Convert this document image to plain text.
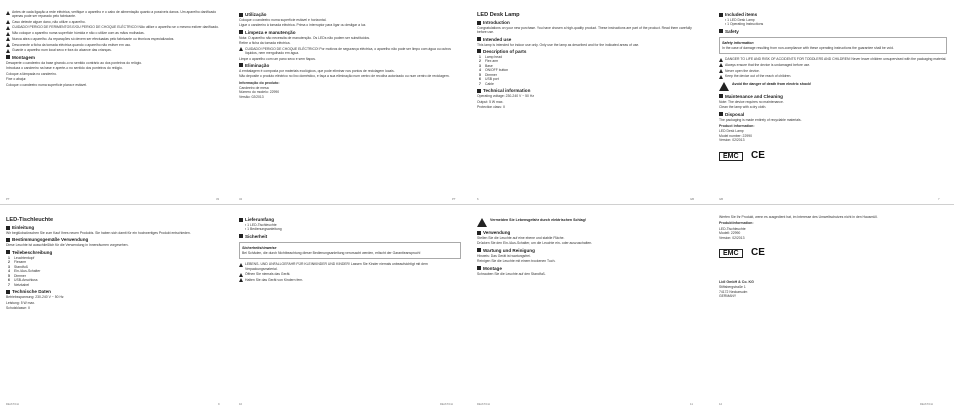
Antes de cada ligação a rede eléctrica, verifique o aparelho e o cabo de alimentação quanto a possíveis danos. Um aparelho danificado apenas pode ser reparado pelo fabricante.
Caso detecte algum dano, não utilize o aparelho.
CUIDADO! PERIGO DE FERIMENTOS E/OU PERIGO DE CHOQUE ELÉCTRICO! Não utilize o aparelho se o mesmo estiver danificado.
Não coloque o aparelho numa superfície húmida e não o utilize com as mãos molhadas.
Nunca abra o aparelho. As reparações só devem ser efectuadas pelo fabricante ou técnicos especializados.
Desconecte a ficha da tomada eléctrica quando o aparelho não estiver em uso.
Guarde o aparelho num local seco e fora do alcance das crianças.
Montagem
Desaperte o candeeiro da base girando-o no sentido contrário ao dos ponteiros do relógio.
Introduza o candeeiro na base e aperte-o no sentido dos ponteiros do relógio.
Coloque a lâmpada no candeeiro.
Fixe o abajur.
Coloque o candeeiro numa superfície plana e estável.
PT	33
Utilização
Coloque o candeeiro numa superfície estável e horizontal.
Ligue o candeeiro à tomada eléctrica. Prima o interruptor para ligar ou desligar a luz.
Limpeza e manutenção
Nota: O aparelho não necessita de manutenção. Os LEDs não podem ser substituídos.
Retire a ficha da tomada eléctrica.
CUIDADO! PERIGO DE CHOQUE ELÉCTRICO! Por motivos de segurança eléctrica, o aparelho não pode ser limpo com água ou outros líquidos, nem mergulhado em água.
Limpe o aparelho com um pano seco e sem fiapos.
Eliminação
A embalagem é composta por materiais ecológicos, que pode eliminar nos pontos de reciclagem locais.
Não deposite o produto eléctrico no lixo doméstico, e faça a sua eliminação num centro de recolha autorizado ou num centro de reciclagem.
Informação do produto:
Candeeiro de mesa
Número do modelo: 22990
Versão: 02/2013
34	PT
LED Desk Lamp
Introduction
Congratulations on your new purchase. You have chosen a high-quality product. These instructions are part of the product. Read them carefully before use.
Intended use
This lamp is intended for indoor use only. Only use the lamp as described and for the indicated areas of use.
Description of parts
1 Lamp head
2 Flex arm
3 Base
4 ON/OFF button
5 Dimmer
6 USB port
7 Cable
Technical information
Operating voltage: 230-240 V ~ 50 Hz
Output: 5 W max.
Protection class: II
6	GB
Included items
▪ 1 LED Desk Lamp
▪ 1 Operating Instructions
Safety
Safety information
In the case of damage resulting from non-compliance with these operating instructions the guarantee shall be void.
DANGER TO LIFE AND RISK OF ACCIDENTS FOR TODDLERS AND CHILDREN! Never leave children unsupervised with the packaging material.
Always ensure that the device is undamaged before use.
Never open the device.
Keep the device out of the reach of children.
Avoid the danger of death from electric shock!
Maintenance and Cleaning
Note: The device requires no maintenance.
Clean the lamp with a dry cloth.
Disposal
The packaging is made entirely of recyclable materials.
Product information:
LED Desk Lamp
Model number: 22990
Version: 02/2013
EMC CE
GB	7
LED-Tischleuchte
Einleitung
Wir beglückwünschen Sie zum Kauf Ihres neuen Produkts. Sie haben sich damit für ein hochwertiges Produkt entschieden.
Bestimmungsgemäße Verwendung
Diese Leuchte ist ausschließlich für die Verwendung in Innenräumen vorgesehen.
Teilebeschreibung
1 Leuchtenkopf
2 Flexarm
3 Standfuß
4 Ein-/Aus-Schalter
5 Dimmer
6 USB-Anschluss
7 Netzkabel
Technische Daten
Betriebsspannung: 230-240 V ~ 50 Hz
Leistung: 5 W max.
Schutzklasse: II
DE/AT/CH	9
Lieferumfang
▪ 1 LED-Tischleuchte
▪ 1 Bedienungsanleitung
Sicherheit
Sicherheitshinweise
Bei Schäden, die durch Nichtbeachtung dieser Bedienungsanleitung verursacht werden, erlischt der Garantieanspruch!
LEBENS- UND UNFALLGEFAHR FÜR KLEINKINDER UND KINDER! Lassen Sie Kinder niemals unbeaufsichtigt mit dem Verpackungsmaterial.
Öffnen Sie niemals das Gerät.
Halten Sie das Gerät von Kindern fern.
10	DE/AT/CH
Vermeiden Sie Lebensgefahr durch elektrischen Schlag!
Verwendung
Stellen Sie die Leuchte auf eine ebene und stabile Fläche.
Drücken Sie den Ein-/Aus-Schalter, um die Leuchte ein- oder auszuschalten.
Wartung und Reinigung
Hinweis: Das Gerät ist wartungsfrei.
Reinigen Sie die Leuchte mit einem trockenen Tuch.
Montage
Schrauben Sie die Leuchte auf den Standfuß.
DE/AT/CH	11
Werfen Sie Ihr Produkt, wenn es ausgedient hat, im Interesse des Umweltschutzes nicht in den Hausmüll.
Produktinformation:
LED-Tischleuchte
Modell: 22990
Version: 02/2013
EMC CE
Lidl GmbH & Co. KG
Stiftsbergstraße 1
74172 Neckarsulm
GERMANY
12	DE/AT/CH
